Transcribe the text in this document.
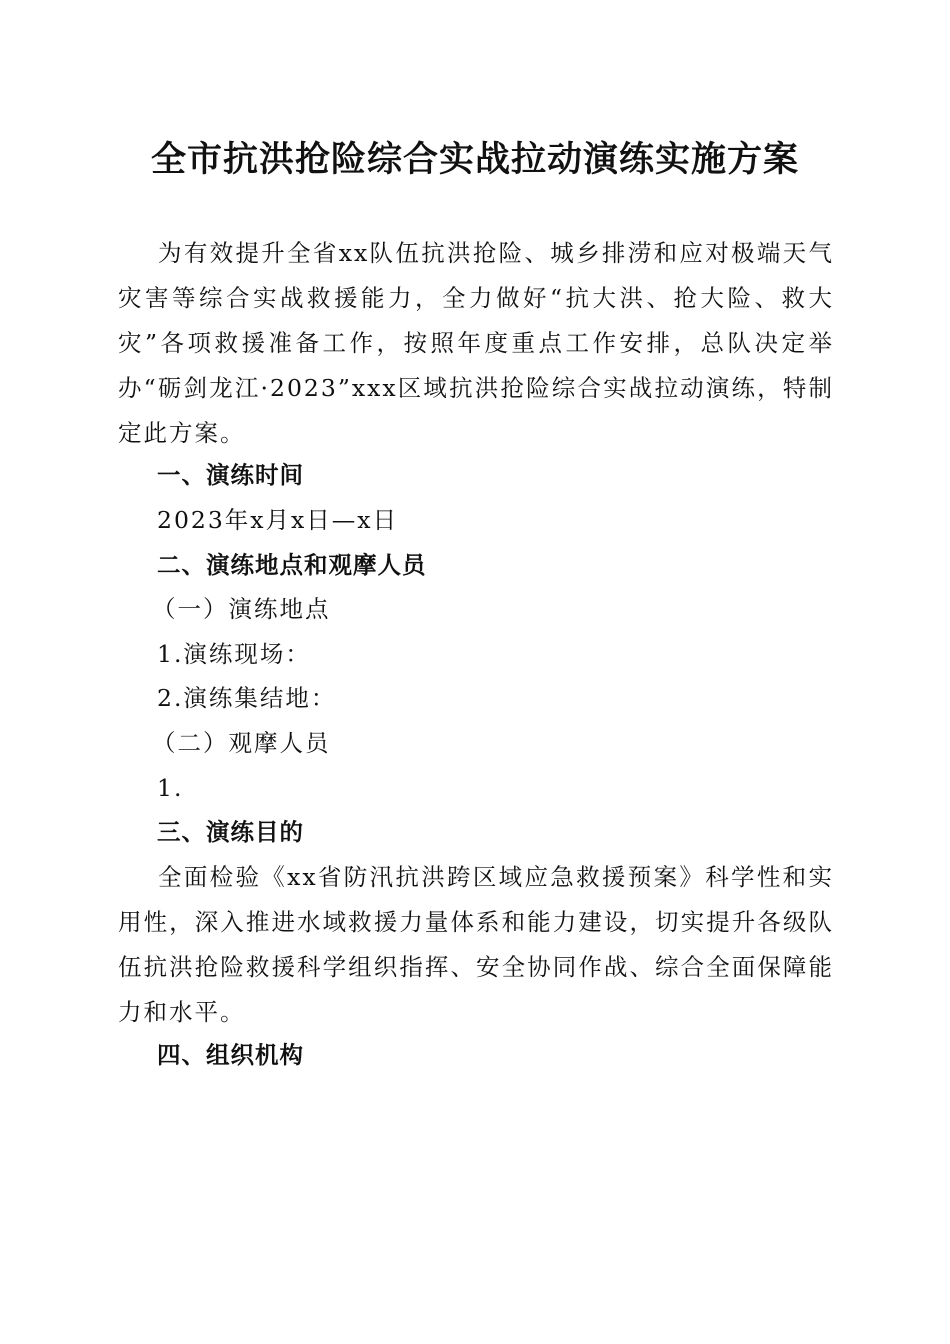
全市抗洪抢险综合实战拉动演练实施方案

为有效提升全省xx队伍抗洪抢险、城乡排涝和应对极端天气灾害等综合实战救援能力，全力做好“抗大洪、抢大险、救大灾”各项救援准备工作，按照年度重点工作安排，总队决定举办“砺剑龙江·2023”xxx区域抗洪抢险综合实战拉动演练，特制定此方案。

一、演练时间

2023年x月x日—x日

二、演练地点和观摩人员

（一）演练地点

1.演练现场：

2.演练集结地：

（二）观摩人员

1.

三、演练目的

全面检验《xx省防汛抗洪跨区域应急救援预案》科学性和实用性，深入推进水域救援力量体系和能力建设，切实提升各级队伍抗洪抢险救援科学组织指挥、安全协同作战、综合全面保障能力和水平。

四、组织机构
